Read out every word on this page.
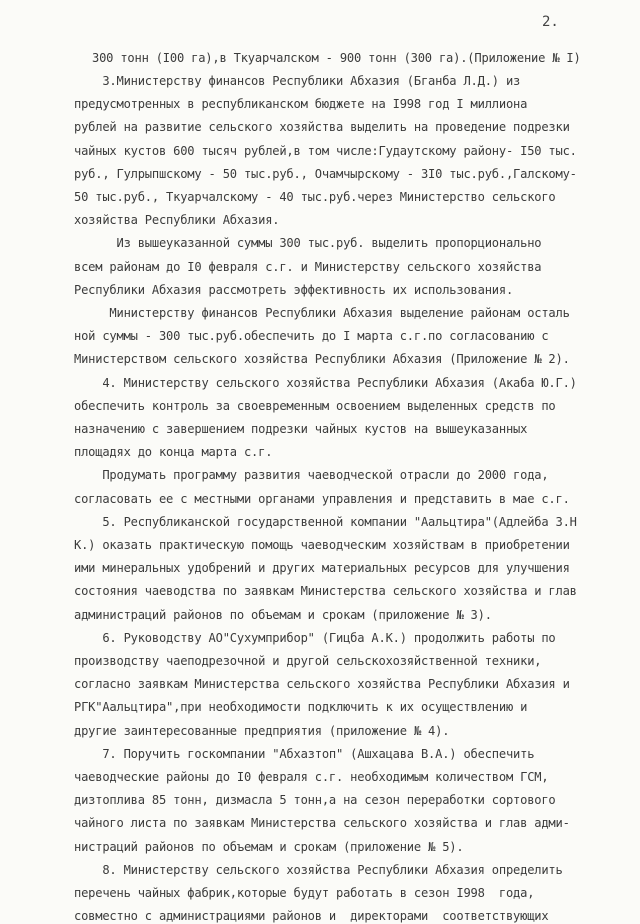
2.
300 тонн (I00 га),в Ткуарчалском - 900 тонн (300 га).(Приложение № I)
3.Министерству финансов Республики Абхазия (Бганба Л.Д.) из
предусмотренных в республиканском бюджете на I998 год I миллиона
рублей на развитие сельского хозяйства выделить на проведение подрезки
чайных кустов 600 тысяч рублей,в том числе:Гудаутскому району- I50 тыс.
руб., Гулрыпшскому - 50 тыс.руб., Очамчырскому - 3I0 тыс.руб.,Галскому-
50 тыс.руб., Ткуарчалскому - 40 тыс.руб.через Министерство сельского
хозяйства Республики Абхазия.
Из вышеуказанной суммы 300 тыс.руб. выделить пропорционально
всем районам до I0 февраля с.г. и Министерству сельского хозяйства
Республики Абхазия рассмотреть эффективность их использования.
Министерству финансов Республики Абхазия выделение районам осталь
ной суммы - 300 тыс.руб.обеспечить до I марта с.г.по согласованию с
Министерством сельского хозяйства Республики Абхазия (Приложение № 2).
4. Министерству сельского хозяйства Республики Абхазия (Акаба Ю.Г.)
обеспечить контроль за своевременным освоением выделенных средств по
назначению с завершением подрезки чайных кустов на вышеуказанных
площадях до конца марта с.г.
Продумать программу развития чаеводческой отрасли до 2000 года,
согласовать ее с местными органами управления и представить в мае с.г.
5. Республиканской государственной компании "Аальцтира"(Адлейба З.Н
К.) оказать практическую помощь чаеводческим хозяйствам в приобретении
ими минеральных удобрений и других материальных ресурсов для улучшения
состояния чаеводства по заявкам Министерства сельского хозяйства и глав
администраций районов по объемам и срокам (приложение № 3).
6. Руководству АО"Сухумприбор" (Гицба А.К.) продолжить работы по
производству чаеподрезочной и другой сельскохозяйственной техники,
согласно заявкам Министерства сельского хозяйства Республики Абхазия и
РГК"Аальцтира",при необходимости подключить к их осуществлению и
другие заинтересованные предприятия (приложение № 4).
7. Поручить госкомпании "Абхазтоп" (Ашхацава В.А.) обеспечить
чаеводческие районы до I0 февраля с.г. необходимым количеством ГСМ,
дизтоплива 85 тонн, дизмасла 5 тонн,а на сезон переработки сортового
чайного листа по заявкам Министерства сельского хозяйства и глав адми-
нистраций районов по объемам и срокам (приложение № 5).
8. Министерству сельского хозяйства Республики Абхазия определить
перечень чайных фабрик,которые будут работать в сезон I998  года,
совместно с администрациями районов и  директорами  соответствующих
